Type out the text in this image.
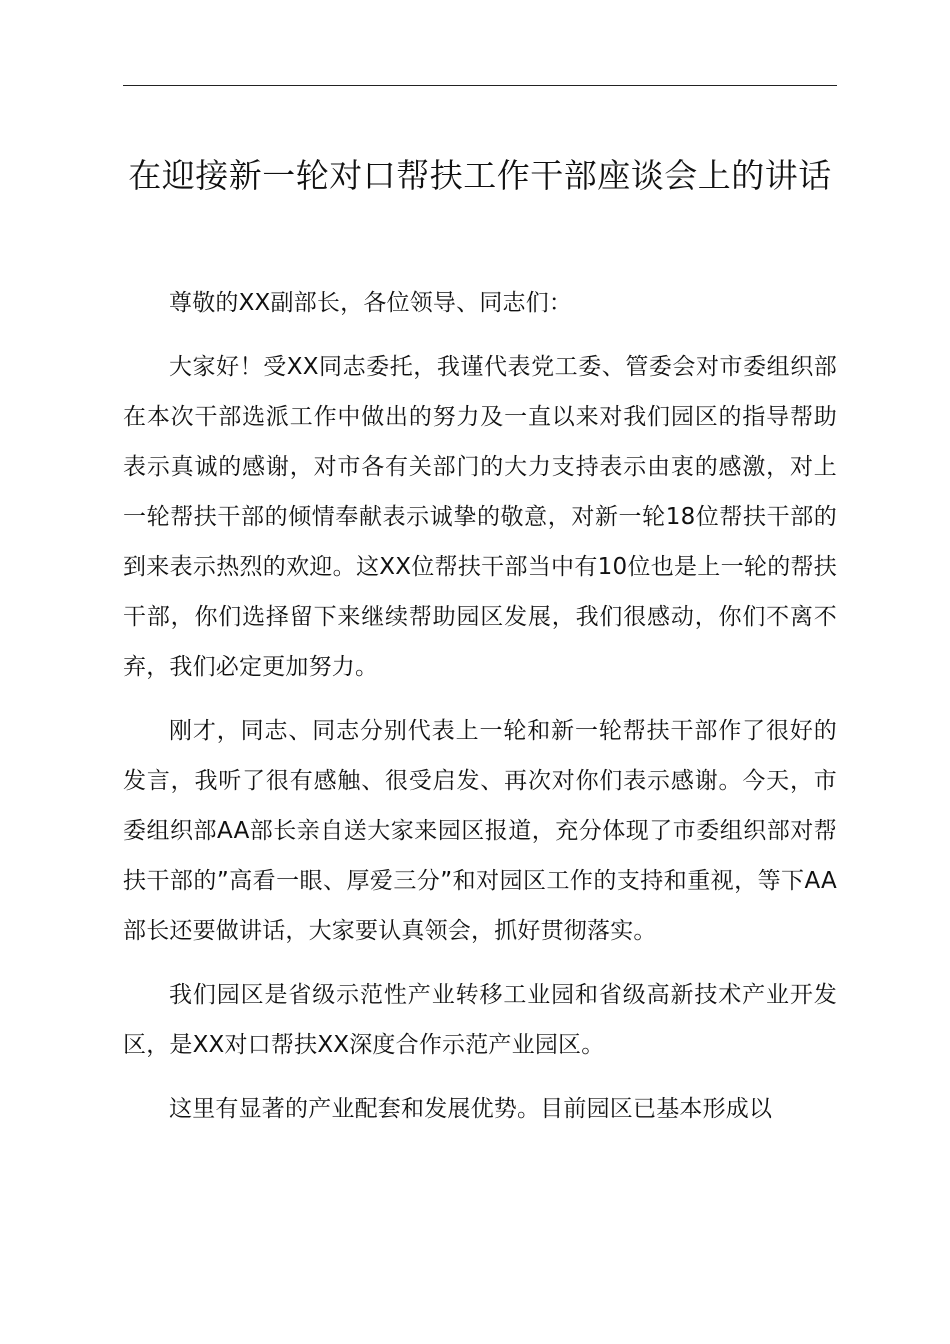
在迎接新一轮对口帮扶工作干部座谈会上的讲话

尊敬的XX副部长，各位领导、同志们：

大家好！受XX同志委托，我谨代表党工委、管委会对市委组织部在本次干部选派工作中做出的努力及一直以来对我们园区的指导帮助表示真诚的感谢，对市各有关部门的大力支持表示由衷的感激，对上一轮帮扶干部的倾情奉献表示诚挚的敬意，对新一轮18位帮扶干部的到来表示热烈的欢迎。这XX位帮扶干部当中有10位也是上一轮的帮扶干部，你们选择留下来继续帮助园区发展，我们很感动，你们不离不弃，我们必定更加努力。

刚才，同志、同志分别代表上一轮和新一轮帮扶干部作了很好的发言，我听了很有感触、很受启发、再次对你们表示感谢。今天，市委组织部AA部长亲自送大家来园区报道，充分体现了市委组织部对帮扶干部的”高看一眼、厚爱三分”和对园区工作的支持和重视，等下AA部长还要做讲话，大家要认真领会，抓好贯彻落实。

我们园区是省级示范性产业转移工业园和省级高新技术产业开发区，是XX对口帮扶XX深度合作示范产业园区。

这里有显著的产业配套和发展优势。目前园区已基本形成以
